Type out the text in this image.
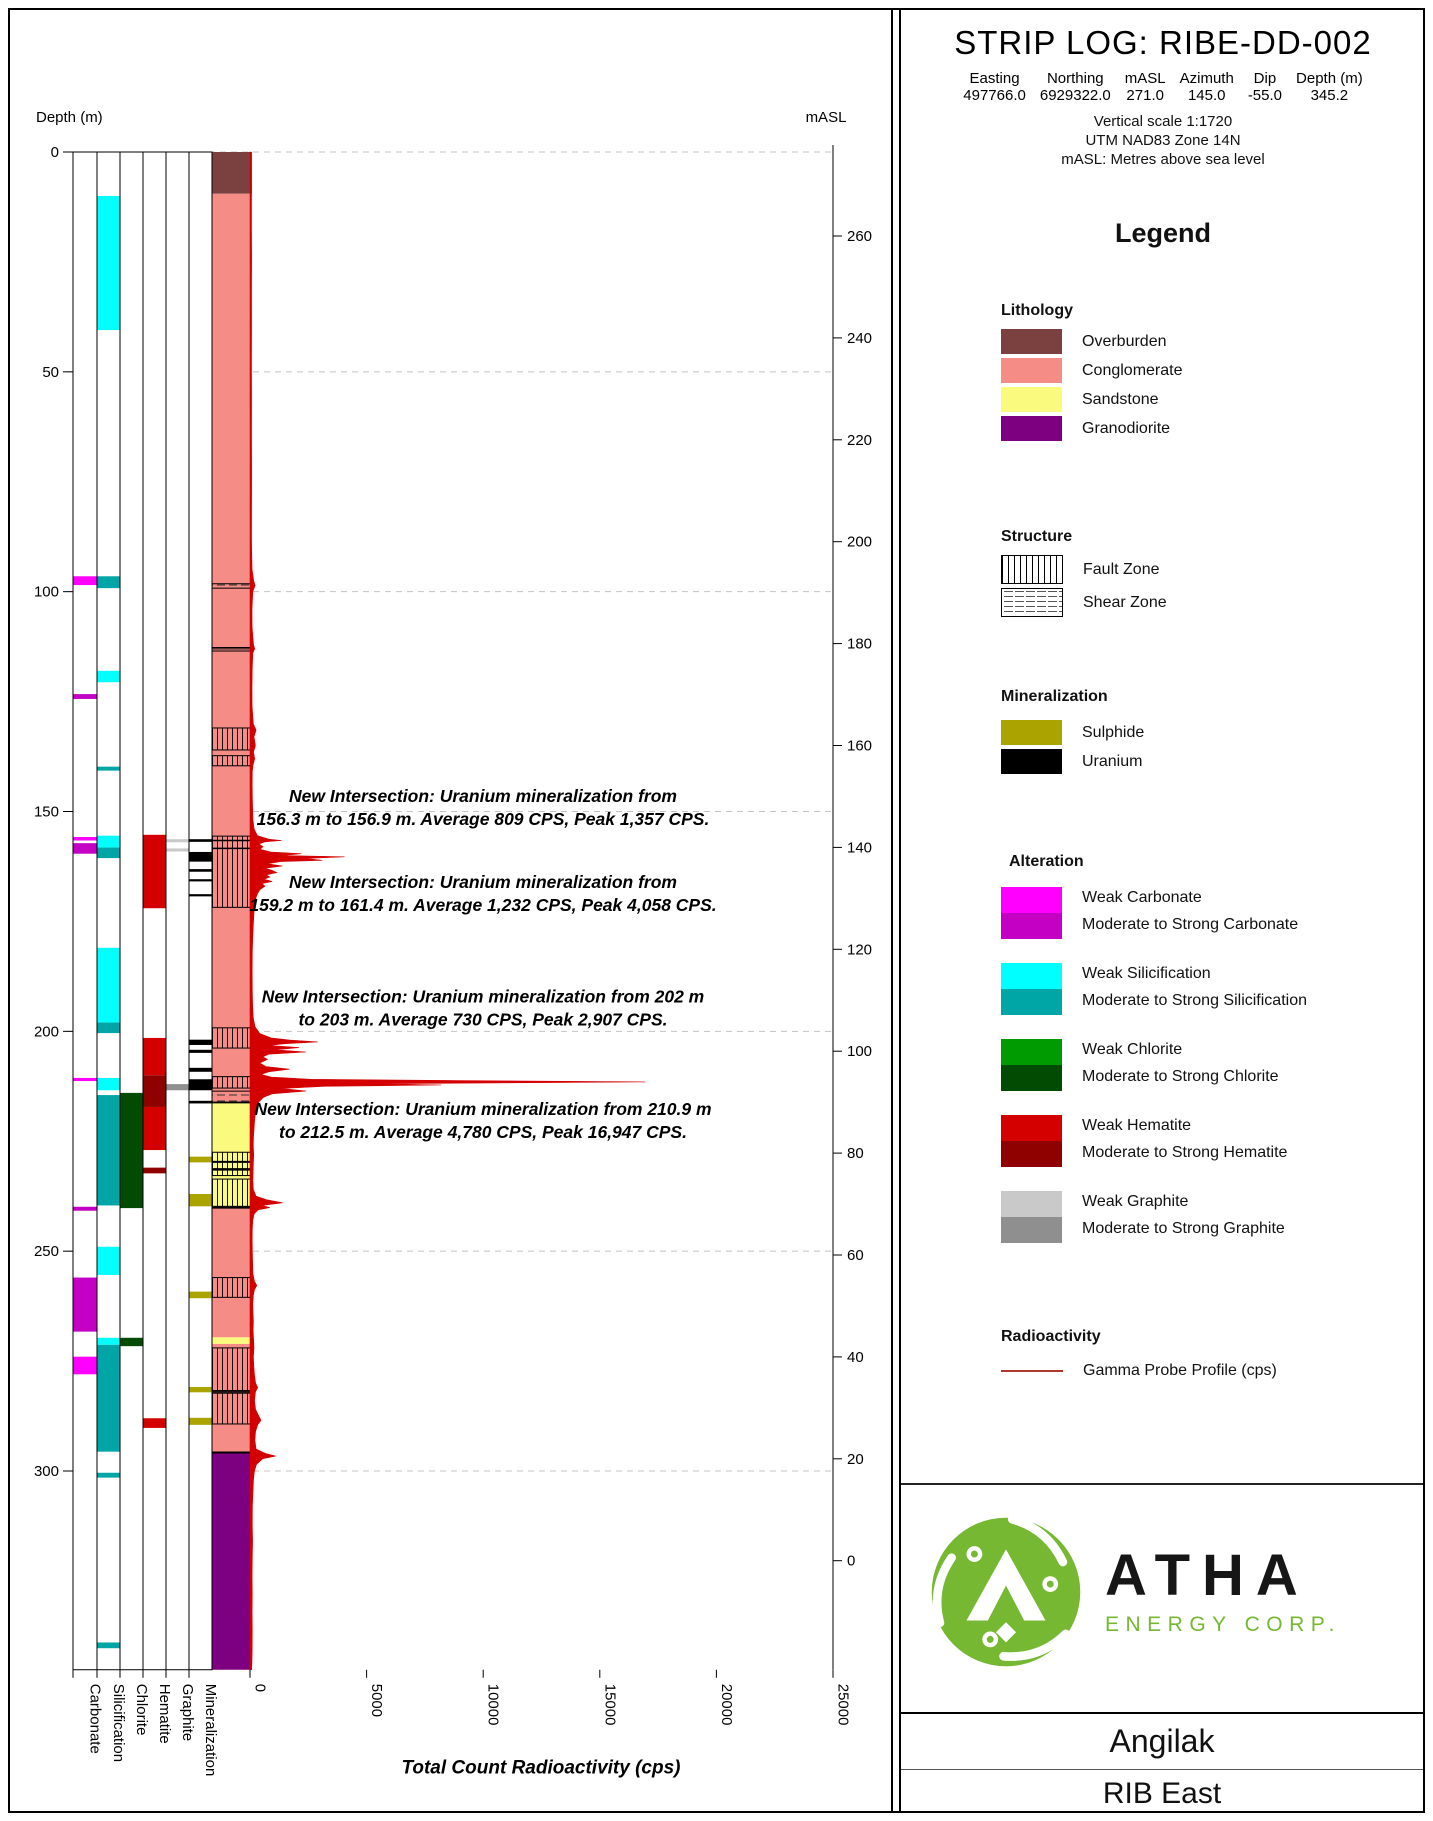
0
50
100
150
200
250
300
Depth (m)	mASL
260
240
220
200
180
160
140
120
100
80
60
40
20
0
Carbonate Silicification Chlorite Hematite Graphite Mineralization 0	5000	10000	15000	20000	25000
Total Count Radioactivity (cps)
New Intersection: Uranium mineralization from
156.3 m to 156.9 m. Average 809 CPS, Peak 1,357 CPS.
New Intersection: Uranium mineralization from
159.2 m to 161.4 m. Average 1,232 CPS, Peak 4,058 CPS.
New Intersection: Uranium mineralization from 202 m
to 203 m. Average 730 CPS, Peak 2,907 CPS.
New Intersection: Uranium mineralization from 210.9 m
to 212.5 m. Average 4,780 CPS, Peak 16,947 CPS.
STRIP LOG: RIBE-DD-002
Easting
497766.0
Northing
6929322.0
mASL
271.0
Azimuth
145.0
Dip
-55.0
Depth (m)
345.2
Vertical scale 1:1720
UTM NAD83 Zone 14N
mASL: Metres above sea level
Legend
Lithology
Overburden
Conglomerate
Sandstone
Granodiorite
Structure
Fault Zone
Shear Zone
Mineralization
Sulphide
Uranium
Alteration
Weak Carbonate
Moderate to Strong Carbonate
Weak Silicification
Moderate to Strong Silicification
Weak Chlorite
Moderate to Strong Chlorite
Weak Hematite
Moderate to Strong Hematite
Weak Graphite
Moderate to Strong Graphite
Radioactivity
Gamma Probe Profile (cps)
ATHA
ENERGY CORP.
Angilak
RIB East
